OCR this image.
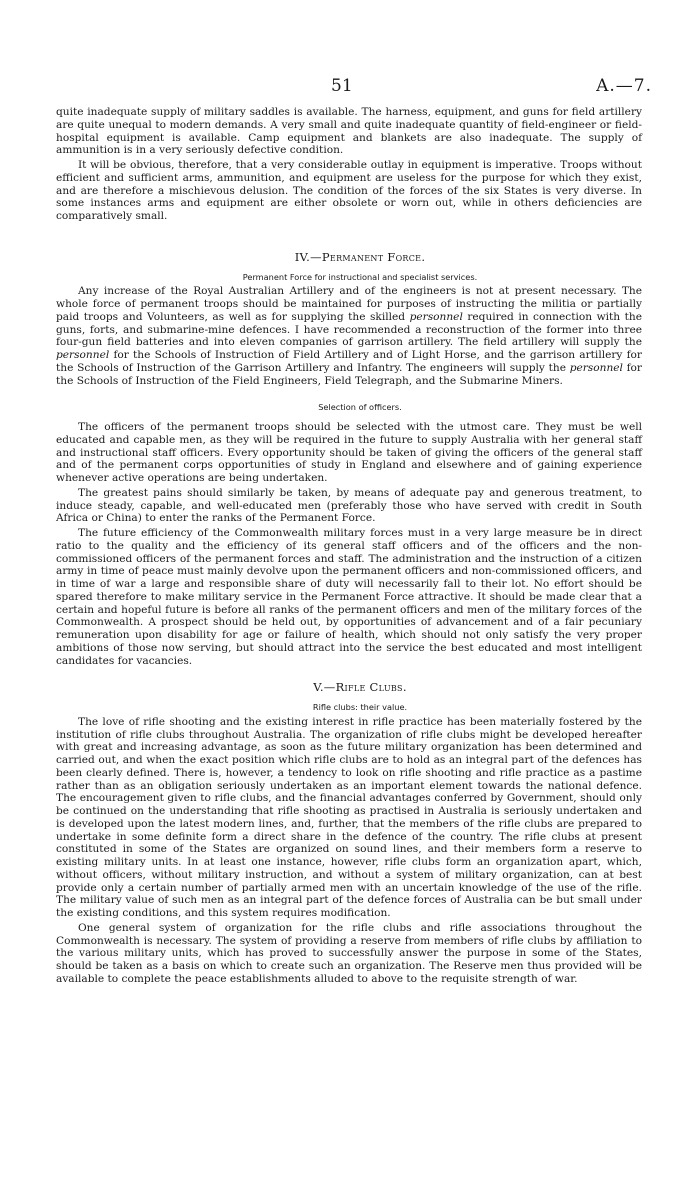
51	A.—7.

quite inadequate supply of military saddles is available. The harness, equipment, and guns for field artillery are quite unequal to modern demands. A very small and quite inadequate quantity of field-engineer or field-hospital equipment is available. Camp equipment and blankets are also inadequate. The supply of ammunition is in a very seriously defective condition.

It will be obvious, therefore, that a very considerable outlay in equipment is imperative. Troops without efficient and sufficient arms, ammunition, and equipment are useless for the purpose for which they exist, and are therefore a mischievous delusion. The condition of the forces of the six States is very diverse. In some instances arms and equipment are either obsolete or worn out, while in others deficiencies are comparatively small.

IV.—Permanent Force.

Permanent Force for instructional and specialist services.

Any increase of the Royal Australian Artillery and of the engineers is not at present necessary. The whole force of permanent troops should be maintained for purposes of instructing the militia or partially paid troops and Volunteers, as well as for supplying the skilled personnel required in connection with the guns, forts, and submarine-mine defences. I have recommended a reconstruction of the former into three four-gun field batteries and into eleven companies of garrison artillery. The field artillery will supply the personnel for the Schools of Instruction of Field Artillery and of Light Horse, and the garrison artillery for the Schools of Instruction of the Garrison Artillery and Infantry. The engineers will supply the personnel for the Schools of Instruction of the Field Engineers, Field Telegraph, and the Submarine Miners.

Selection of officers.

The officers of the permanent troops should be selected with the utmost care. They must be well educated and capable men, as they will be required in the future to supply Australia with her general staff and instructional staff officers. Every opportunity should be taken of giving the officers of the general staff and of the permanent corps opportunities of study in England and elsewhere and of gaining experience whenever active operations are being undertaken.

The greatest pains should similarly be taken, by means of adequate pay and generous treatment, to induce steady, capable, and well-educated men (preferably those who have served with credit in South Africa or China) to enter the ranks of the Permanent Force.

The future efficiency of the Commonwealth military forces must in a very large measure be in direct ratio to the quality and the efficiency of its general staff officers and of the officers and the non-commissioned officers of the permanent forces and staff. The administration and the instruction of a citizen army in time of peace must mainly devolve upon the permanent officers and non-commissioned officers, and in time of war a large and responsible share of duty will necessarily fall to their lot. No effort should be spared therefore to make military service in the Permanent Force attractive. It should be made clear that a certain and hopeful future is before all ranks of the permanent officers and men of the military forces of the Commonwealth. A prospect should be held out, by opportunities of advancement and of a fair pecuniary remuneration upon disability for age or failure of health, which should not only satisfy the very proper ambitions of those now serving, but should attract into the service the best educated and most intelligent candidates for vacancies.

V.—Rifle Clubs.

Rifle clubs: their value.

The love of rifle shooting and the existing interest in rifle practice has been materially fostered by the institution of rifle clubs throughout Australia. The organization of rifle clubs might be developed hereafter with great and increasing advantage, as soon as the future military organization has been determined and carried out, and when the exact position which rifle clubs are to hold as an integral part of the defences has been clearly defined. There is, however, a tendency to look on rifle shooting and rifle practice as a pastime rather than as an obligation seriously undertaken as an important element towards the national defence. The encouragement given to rifle clubs, and the financial advantages conferred by Government, should only be continued on the understanding that rifle shooting as practised in Australia is seriously undertaken and is developed upon the latest modern lines, and, further, that the members of the rifle clubs are prepared to undertake in some definite form a direct share in the defence of the country. The rifle clubs at present constituted in some of the States are organized on sound lines, and their members form a reserve to existing military units. In at least one instance, however, rifle clubs form an organization apart, which, without officers, without military instruction, and without a system of military organization, can at best provide only a certain number of partially armed men with an uncertain knowledge of the use of the rifle. The military value of such men as an integral part of the defence forces of Australia can be but small under the existing conditions, and this system requires modification.

One general system of organization for the rifle clubs and rifle associations throughout the Commonwealth is necessary. The system of providing a reserve from members of rifle clubs by affiliation to the various military units, which has proved to successfully answer the purpose in some of the States, should be taken as a basis on which to create such an organization. The Reserve men thus provided will be available to complete the peace establishments alluded to above to the requisite strength of war.
